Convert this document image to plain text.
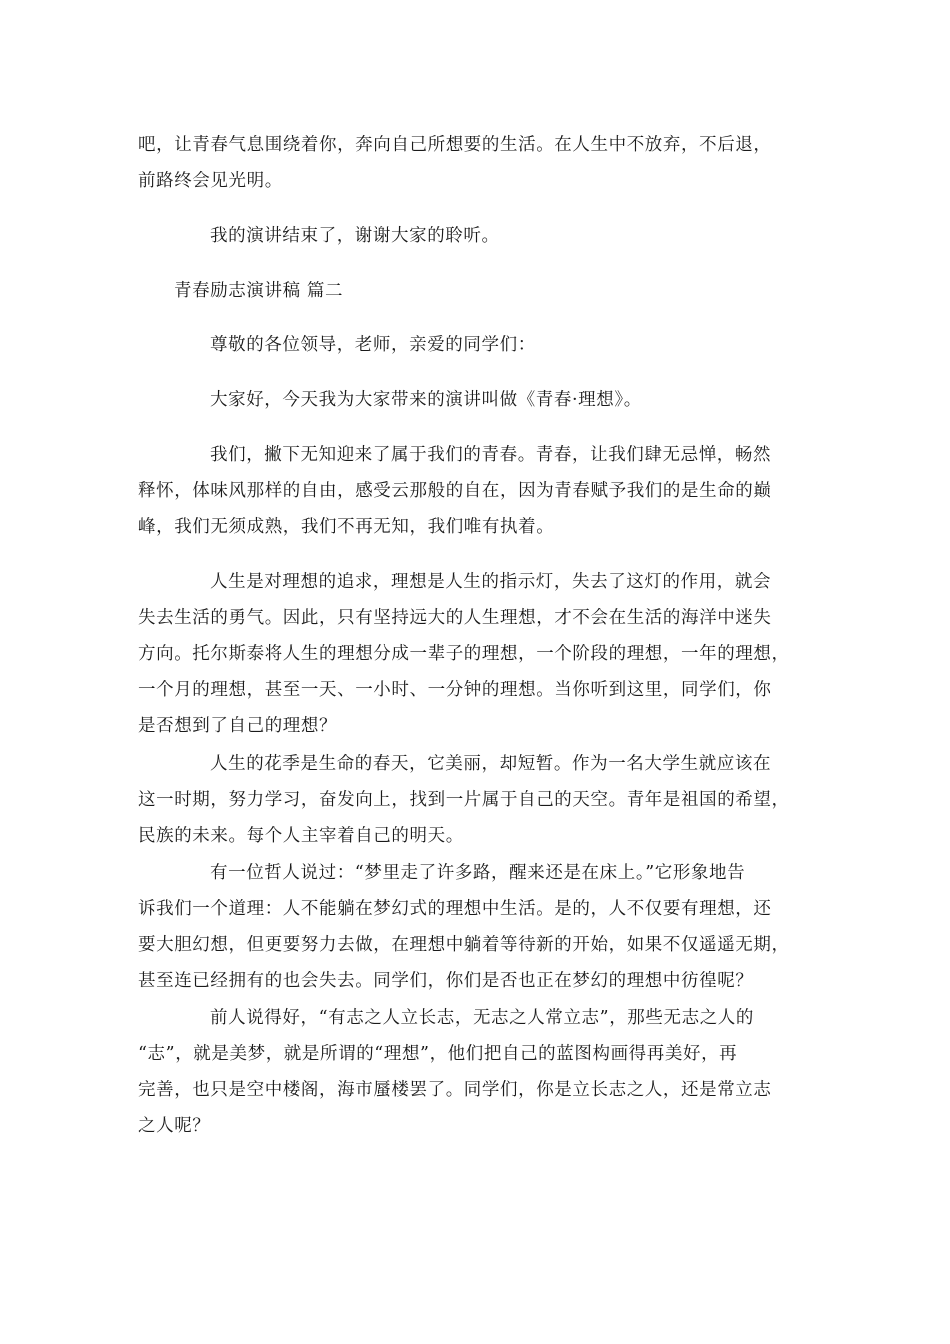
吧，让青春气息围绕着你，奔向自己所想要的生活。在人生中不放弃，不后退，
前路终会见光明。

我的演讲结束了，谢谢大家的聆听。

青春励志演讲稿 篇二

尊敬的各位领导，老师，亲爱的同学们：

大家好，今天我为大家带来的演讲叫做《青春·理想》。

我们，撇下无知迎来了属于我们的青春。青春，让我们肆无忌惮，畅然
释怀，体味风那样的自由，感受云那般的自在，因为青春赋予我们的是生命的巅
峰，我们无须成熟，我们不再无知，我们唯有执着。

人生是对理想的追求，理想是人生的指示灯，失去了这灯的作用，就会
失去生活的勇气。因此，只有坚持远大的人生理想，才不会在生活的海洋中迷失
方向。托尔斯泰将人生的理想分成一辈子的理想，一个阶段的理想，一年的理想，
一个月的理想，甚至一天、一小时、一分钟的理想。当你听到这里，同学们，你
是否想到了自己的理想？

人生的花季是生命的春天，它美丽，却短暂。作为一名大学生就应该在
这一时期，努力学习，奋发向上，找到一片属于自己的天空。青年是祖国的希望，
民族的未来。每个人主宰着自己的明天。

有一位哲人说过：“梦里走了许多路，醒来还是在床上。”它形象地告
诉我们一个道理：人不能躺在梦幻式的理想中生活。是的，人不仅要有理想，还
要大胆幻想，但更要努力去做，在理想中躺着等待新的开始，如果不仅遥遥无期，
甚至连已经拥有的也会失去。同学们，你们是否也正在梦幻的理想中彷徨呢？

前人说得好，“有志之人立长志，无志之人常立志”，那些无志之人的
“志”，就是美梦，就是所谓的“理想”，他们把自己的蓝图构画得再美好，再
完善，也只是空中楼阁，海市蜃楼罢了。同学们，你是立长志之人，还是常立志
之人呢？
